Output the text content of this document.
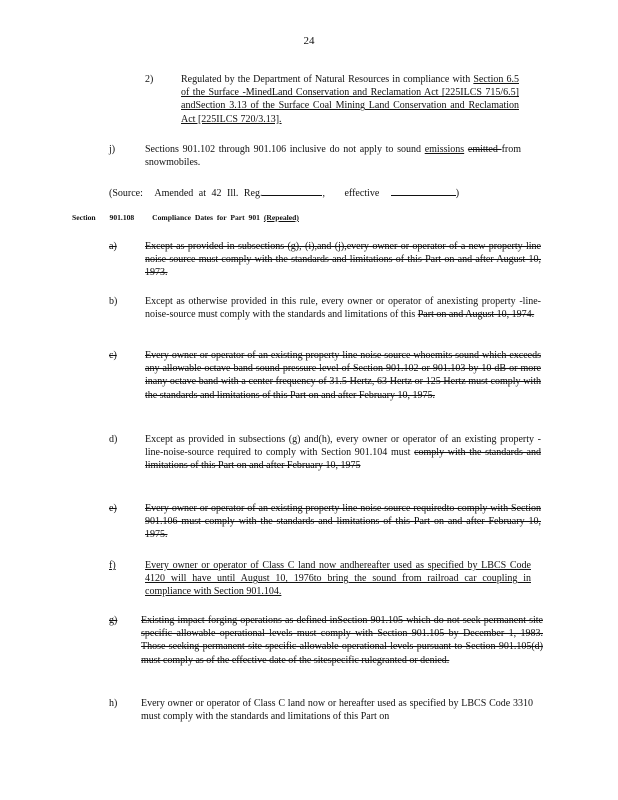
24
2)	Regulated by the Department of Natural Resources in compliance with Section 6.5 of the Surface -MinedLand Conservation and Reclamation Act [225ILCS 715/6.5] andSection 3.13 of the Surface Coal Mining Land Conservation and Reclamation Act [225ILCS 720/3.13].
j)	Sections 901.102 through 901.106 inclusive do not apply to sound emissions emitted from snowmobiles.
(Source: Amended at 42 Ill. Reg.	, effective	)
Section 901.108 Compliance Dates for Part 901 (Repealed)
a)	Except as provided in subsections (g), (i),and (j),every owner or operator of a new property line noise source must comply with the standards and limitations of this Part on and after August 10, 1973.
b)	Except as otherwise provided in this rule, every owner or operator of anexisting property -line-noise-source must comply with the standards and limitations of this Part on and August 10, 1974.
c)	Every owner or operator of an existing property line noise source whoemits sound which exceeds any allowable octave band sound pressure level of Section 901.102 or 901.103 by 10 dB or more inany octave band with a center frequency of 31.5 Hertz, 63 Hertz or 125 Hertz must comply with the standards and limitations of this Part on and after February 10, 1975.
d)	Except as provided in subsections (g) and(h), every owner or operator of an existing property -line-noise-source required to comply with Section 901.104 must comply with the standards and limitations of this Part on and after February 10, 1975
e)	Every owner or operator of an existing property line noise source requiredto comply with Section 901.106 must comply with the standards and limitations of this Part on and after February 10, 1975.
f)	Every owner or operator of Class C land now andhereafter used as specified by LBCS Code 4120 will have until August 10, 1976to bring the sound from railroad car coupling in compliance with Section 901.104.
g) Existing impact forging operations as defined inSection 901.105 which do not seek permanent site specific allowable operational levels must comply with Section 901.105 by December 1, 1983. Those seeking permanent site specific allowable operational levels pursuant to Section 901.105(d) must comply as of the effective date of the sitespecific rulegranted or denied.
h) Every owner or operator of Class C land now or hereafter used as specified by LBCS Code 3310 must comply with the standards and limitations of this Part on
